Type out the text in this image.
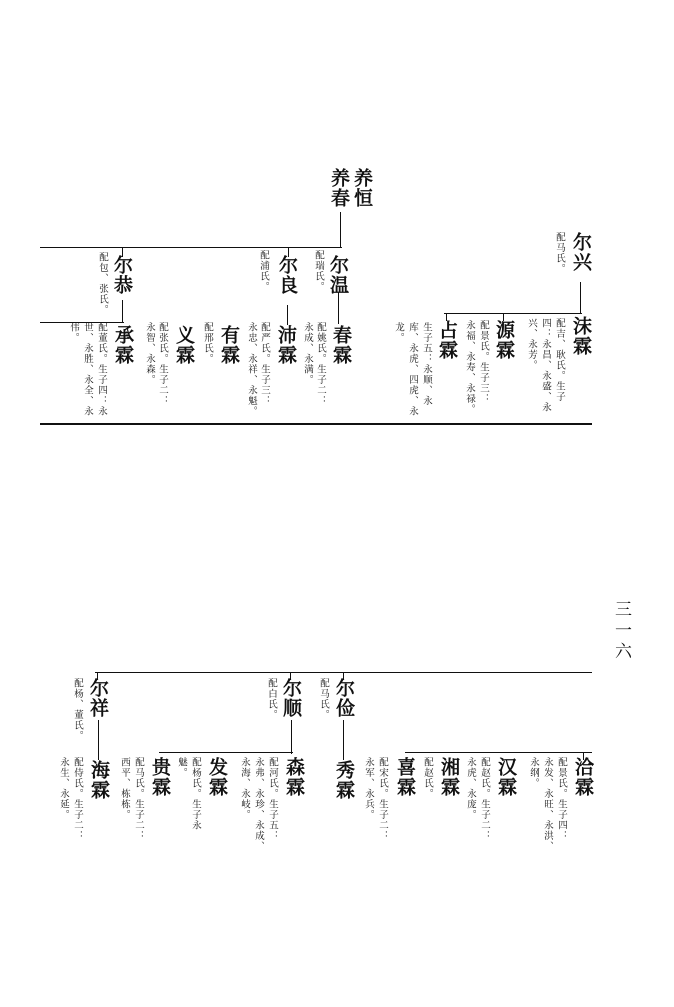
养恒
养春
尔温
配瑞氏。
尔良
配浦氏。
尔恭
配包、张氏。
春霖
配姚氏。生子二：
永成、永满。
沛霖
配严氏。生子三：
永忠、永祥、永魁。
有霖
配邢氏。
义霖
配张氏。生子二：
永智、永森。
承霖
配董氏。生子四：永
世、永胜、永全、永
伟。
尔兴
配马氏。
沫霖
配吉、耿氏。生子
四：永昌、永盛、永
兴、永芳。
源霖
配景氏。生子三：
永福、永寿、永禄。
占霖
生子五：永顺、永
库、永虎、四虎、永
龙。
三一六
尔俭
配马氏。
尔顺
配白氏。
尔祥
配杨、董氏。
洽霖
配景氏。生子四：
永发、永旺、永洪、
永纲。
汉霖
配赵氏。生子二：
永虎、永庞。
湘霖
配赵氏。
喜霖
秀霖 配宋氏。生子二：
永军、永兵。
森霖
配河氏。生子五：
永弗、永珍、永成、
永海、永岐。
发霖
配杨氏。生子永
魅。
贵霖
配马氏。生子二：
西平、栋栋。
海霖
配侍氏。生子二：
永生、永延。
